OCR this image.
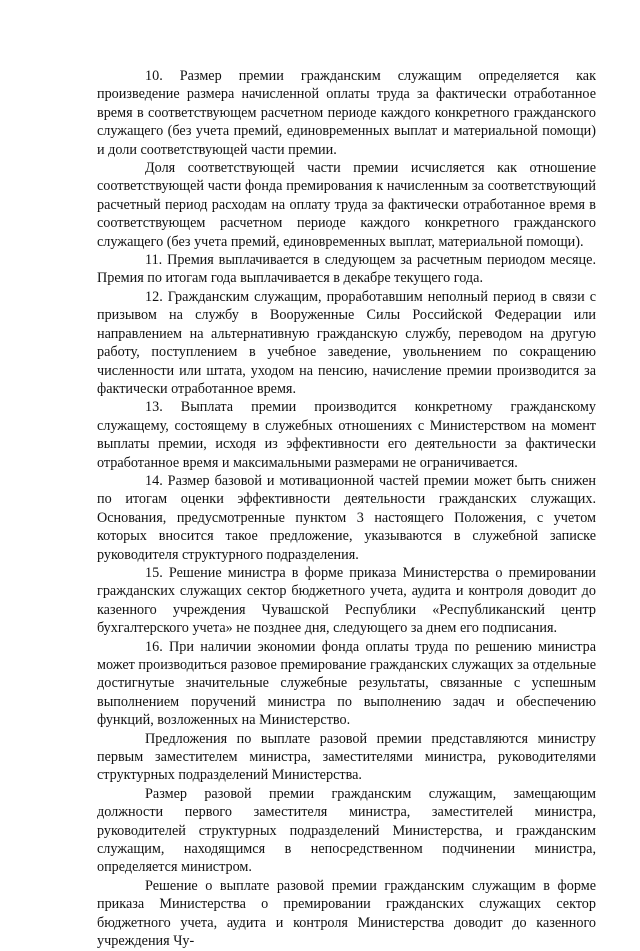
10. Размер премии гражданским служащим определяется как произведение размера начисленной оплаты труда за фактически отработанное время в соответствующем расчетном периоде каждого конкретного гражданского служащего (без учета премий, единовременных выплат и материальной помощи) и доли соответствующей части премии.

Доля соответствующей части премии исчисляется как отношение соответствующей части фонда премирования к начисленным за соответствующий расчетный период расходам на оплату труда за фактически отработанное время в соответствующем расчетном периоде каждого конкретного гражданского служащего (без учета премий, единовременных выплат, материальной помощи).

11. Премия выплачивается в следующем за расчетным периодом месяце. Премия по итогам года выплачивается в декабре текущего года.

12. Гражданским служащим, проработавшим неполный период в связи с призывом на службу в Вооруженные Силы Российской Федерации или направлением на альтернативную гражданскую службу, переводом на другую работу, поступлением в учебное заведение, увольнением по сокращению численности или штата, уходом на пенсию, начисление премии производится за фактически отработанное время.

13. Выплата премии производится конкретному гражданскому служащему, состоящему в служебных отношениях с Министерством на момент выплаты премии, исходя из эффективности его деятельности за фактически отработанное время и максимальными размерами не ограничивается.

14. Размер базовой и мотивационной частей премии может быть снижен по итогам оценки эффективности деятельности гражданских служащих. Основания, предусмотренные пунктом 3 настоящего Положения, с учетом которых вносится такое предложение, указываются в служебной записке руководителя структурного подразделения.

15. Решение министра в форме приказа Министерства о премировании гражданских служащих сектор бюджетного учета, аудита и контроля доводит до казенного учреждения Чувашской Республики «Республиканский центр бухгалтерского учета» не позднее дня, следующего за днем его подписания.

16. При наличии экономии фонда оплаты труда по решению министра может производиться разовое премирование гражданских служащих за отдельные достигнутые значительные служебные результаты, связанные с успешным выполнением поручений министра по выполнению задач и обеспечению функций, возложенных на Министерство.

Предложения по выплате разовой премии представляются министру первым заместителем министра, заместителями министра, руководителями структурных подразделений Министерства.

Размер разовой премии гражданским служащим, замещающим должности первого заместителя министра, заместителей министра, руководителей структурных подразделений Министерства, и гражданским служащим, находящимся в непосредственном подчинении министра, определяется министром.

Решение о выплате разовой премии гражданским служащим в форме приказа Министерства о премировании гражданских служащих сектор бюджетного учета, аудита и контроля Министерства доводит до казенного учреждения Чу-
